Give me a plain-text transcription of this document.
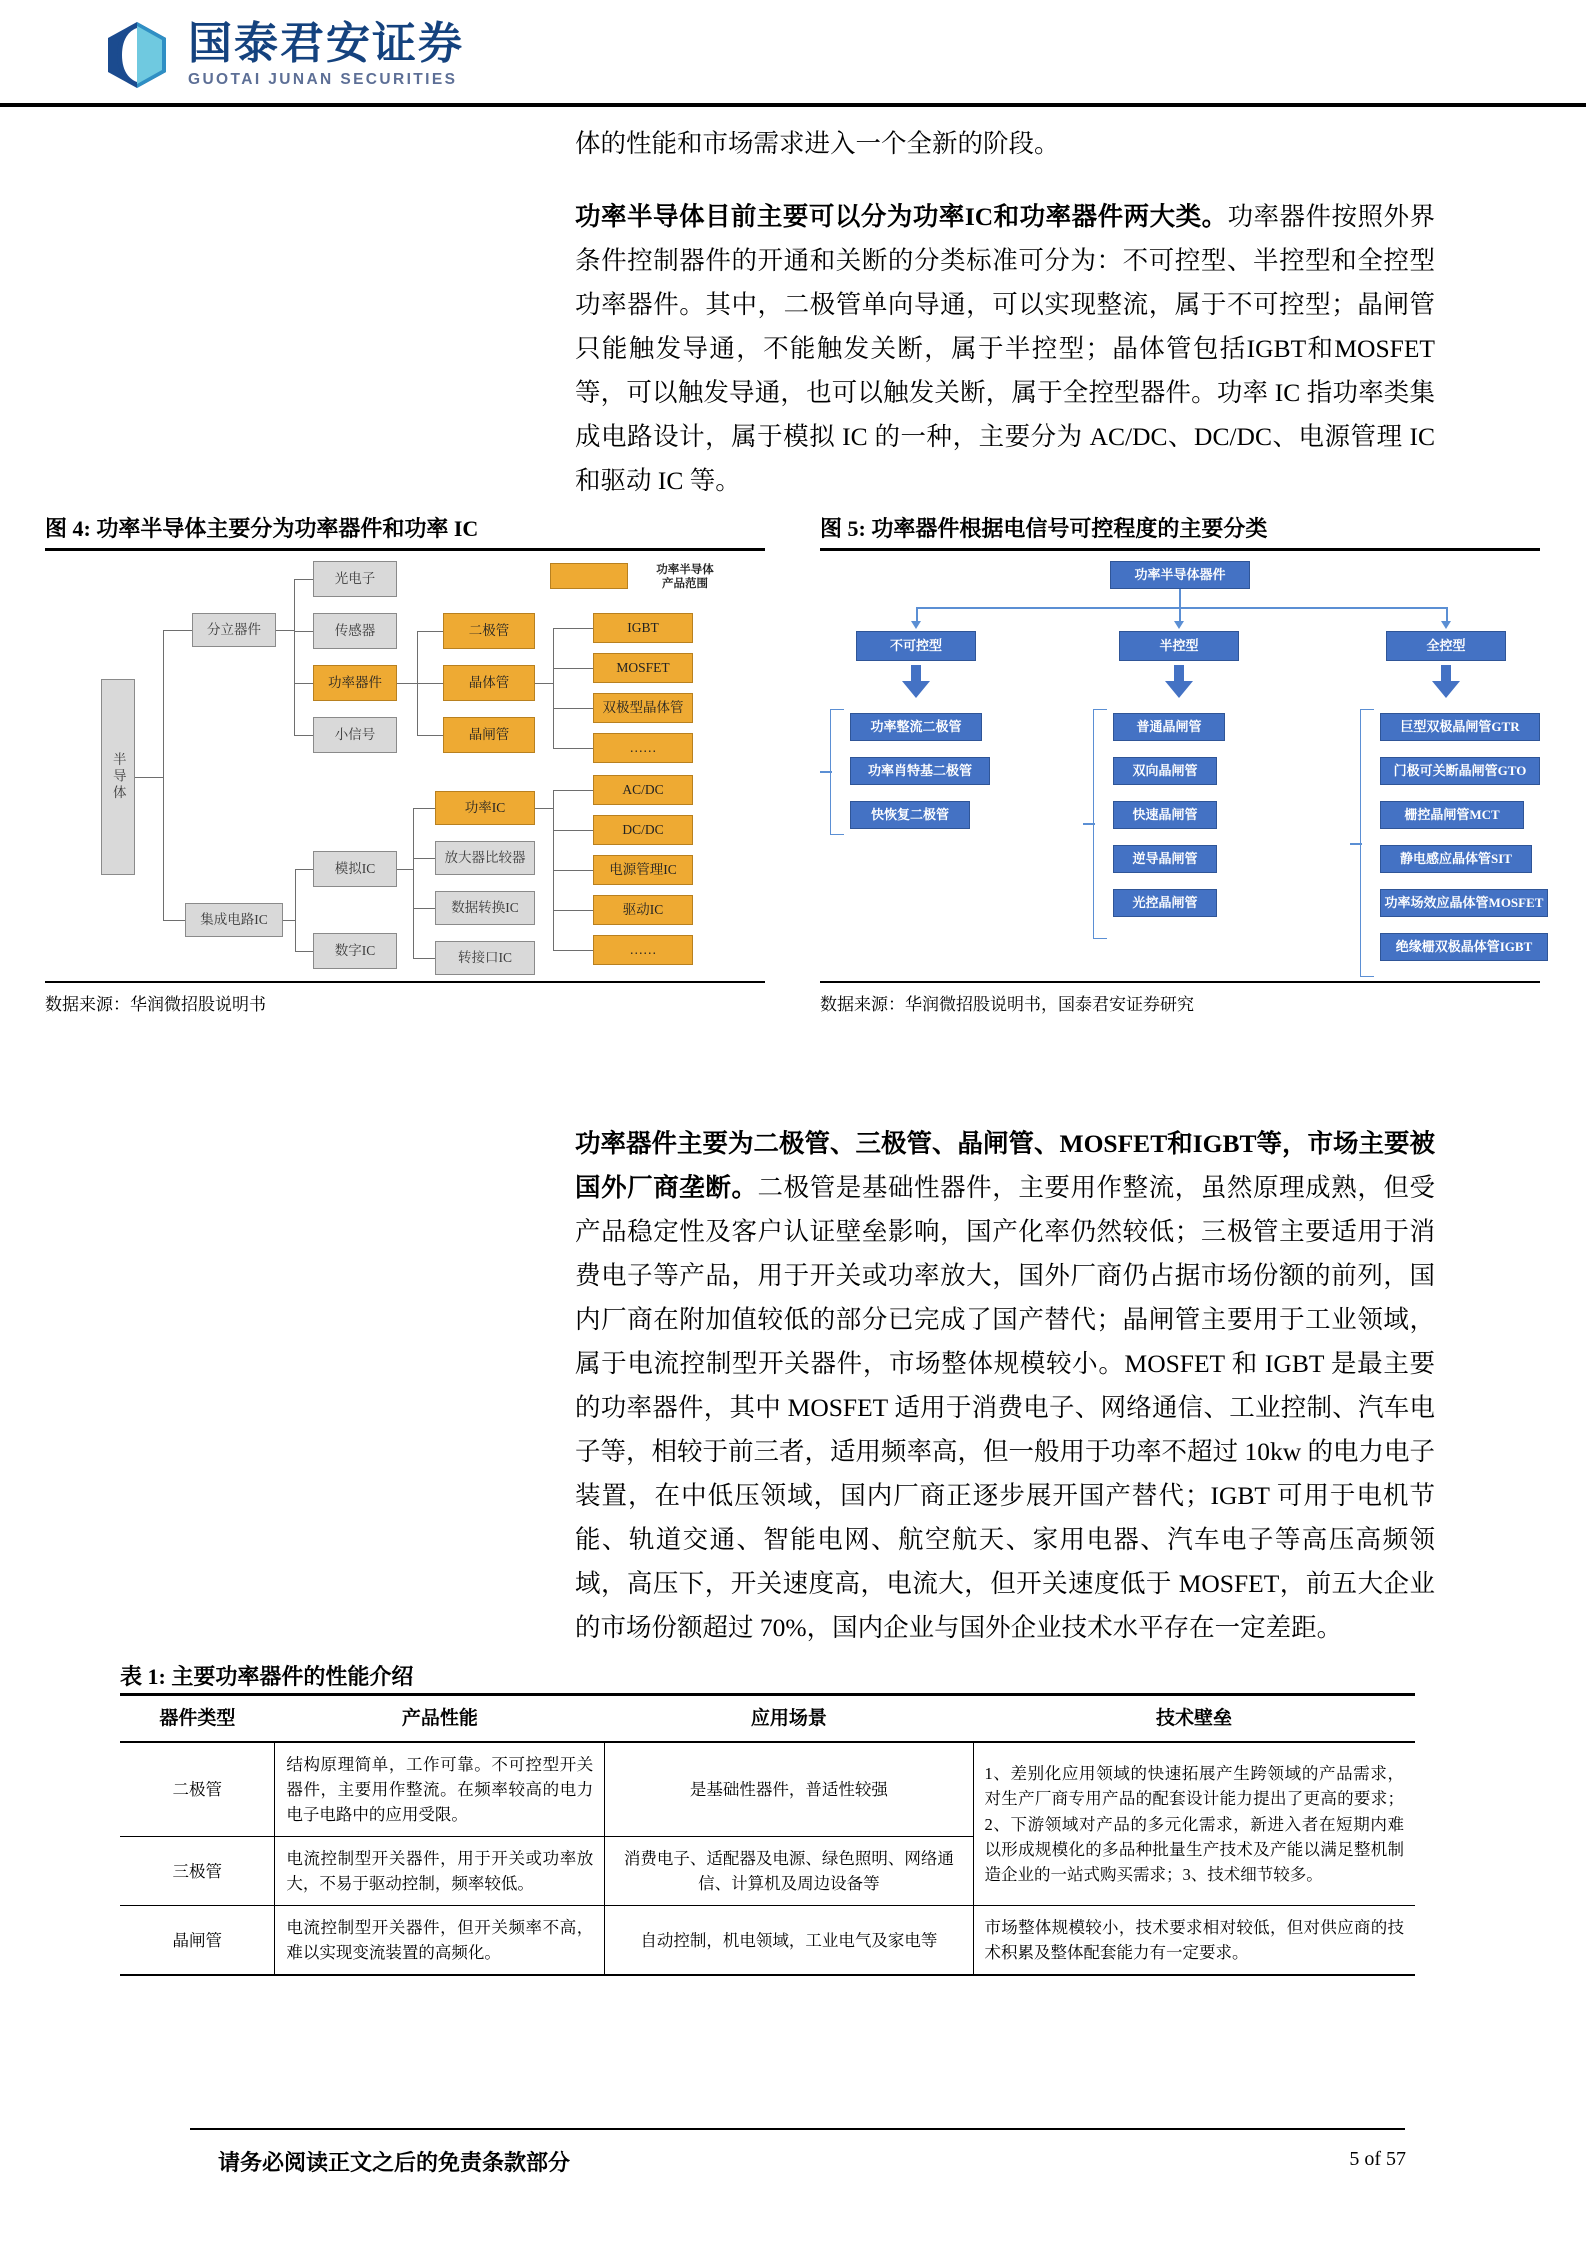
国泰君安证券
GUOTAI JUNAN SECURITIES

体的性能和市场需求进入一个全新的阶段。

功率半导体目前主要可以分为功率IC和功率器件两大类。功率器件按照外界条件控制器件的开通和关断的分类标准可分为：不可控型、半控型和全控型功率器件。其中，二极管单向导通，可以实现整流，属于不可控型；晶闸管只能触发导通，不能触发关断，属于半控型；晶体管包括IGBT和MOSFET等，可以触发导通，也可以触发关断，属于全控型器件。功率 IC 指功率类集成电路设计，属于模拟 IC 的一种，主要分为 AC/DC、DC/DC、电源管理 IC 和驱动 IC 等。

图 4: 功率半导体主要分为功率器件和功率 IC
功率半导体
产品范围
半导体
分立器件
集成电路IC
光电子
传感器
功率器件
小信号
二极管
晶体管
晶闸管
IGBT
MOSFET
双极型晶体管
……
模拟IC
数字IC
功率IC
放大器比较器
数据转换IC
转接口IC
AC/DC
DC/DC
电源管理IC
驱动IC
……
数据来源：华润微招股说明书
图 5: 功率器件根据电信号可控程度的主要分类
功率半导体器件
不可控型	半控型	全控型
功率整流二极管
功率肖特基二极管
快恢复二极管
普通晶闸管
双向晶闸管
快速晶闸管
逆导晶闸管
光控晶闸管
巨型双极晶闸管GTR
门极可关断晶闸管GTO
栅控晶闸管MCT
静电感应晶体管SIT
功率场效应晶体管MOSFET
绝缘栅双极晶体管IGBT
数据来源：华润微招股说明书，国泰君安证券研究

功率器件主要为二极管、三极管、晶闸管、MOSFET和IGBT等，市场主要被国外厂商垄断。二极管是基础性器件，主要用作整流，虽然原理成熟，但受产品稳定性及客户认证壁垒影响，国产化率仍然较低；三极管主要适用于消费电子等产品，用于开关或功率放大，国外厂商仍占据市场份额的前列，国内厂商在附加值较低的部分已完成了国产替代；晶闸管主要用于工业领域，属于电流控制型开关器件，市场整体规模较小。MOSFET 和 IGBT 是最主要的功率器件，其中 MOSFET 适用于消费电子、网络通信、工业控制、汽车电子等，相较于前三者，适用频率高，但一般用于功率不超过 10kw 的电力电子装置，在中低压领域，国内厂商正逐步展开国产替代；IGBT 可用于电机节能、轨道交通、智能电网、航空航天、家用电器、汽车电子等高压高频领域，高压下，开关速度高，电流大，但开关速度低于 MOSFET，前五大企业的市场份额超过 70%，国内企业与国外企业技术水平存在一定差距。

表 1: 主要功率器件的性能介绍
器件类型	产品性能	应用场景	技术壁垒
二极管	结构原理简单，工作可靠。不可控型开关器件，主要用作整流。在频率较高的电力电子电路中的应用受限。	是基础性器件，普适性较强	1、差别化应用领域的快速拓展产生跨领域的产品需求，对生产厂商专用产品的配套设计能力提出了更高的要求；2、下游领域对产品的多元化需求，新进入者在短期内难以形成规模化的多品种批量生产技术及产能以满足整机制造企业的一站式购买需求；3、技术细节较多。
三极管	电流控制型开关器件，用于开关或功率放大，不易于驱动控制，频率较低。	消费电子、适配器及电源、绿色照明、网络通信、计算机及周边设备等	
晶闸管	电流控制型开关器件，但开关频率不高，难以实现变流装置的高频化。	自动控制，机电领域，工业电气及家电等	市场整体规模较小，技术要求相对较低，但对供应商的技术积累及整体配套能力有一定要求。
请务必阅读正文之后的免责条款部分	5 of 57
